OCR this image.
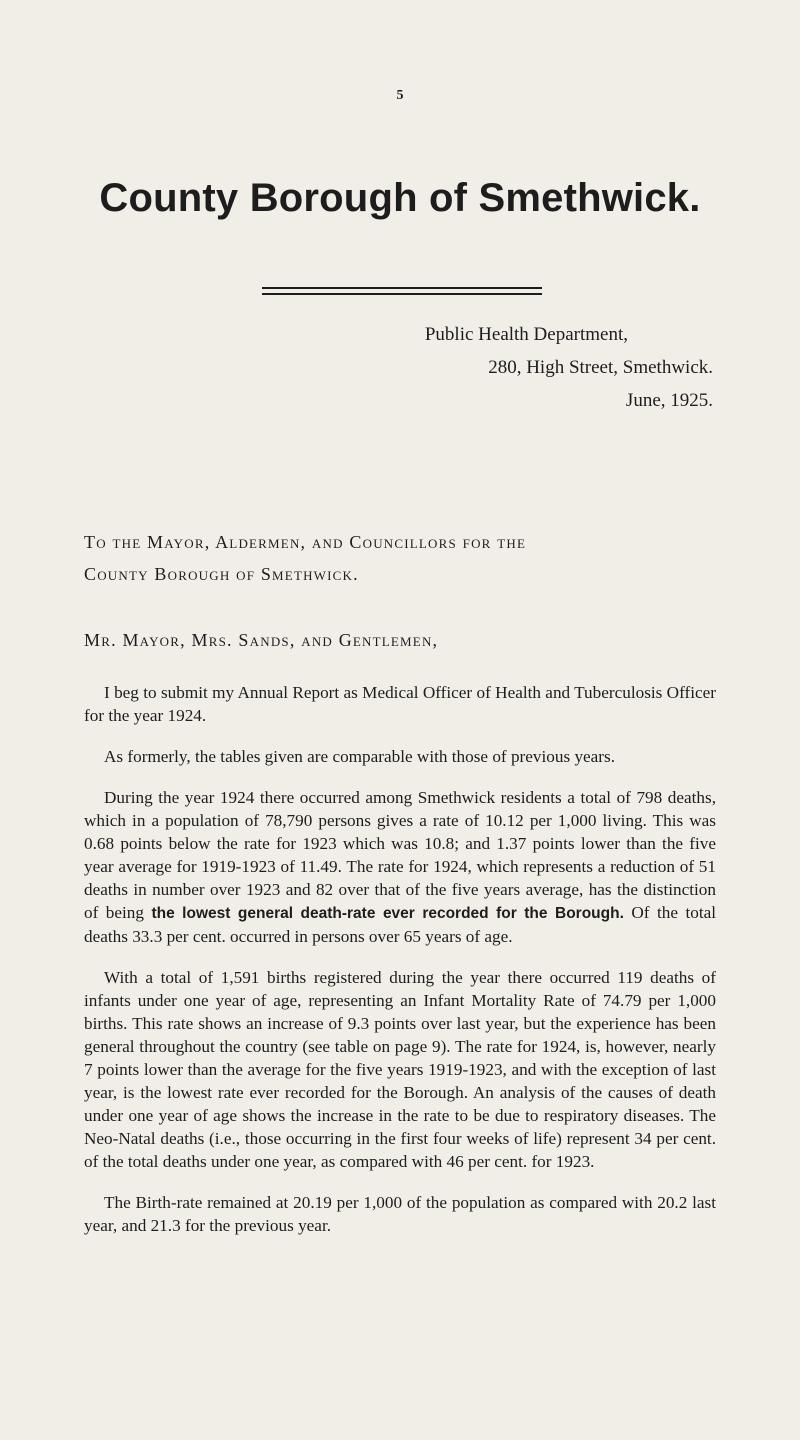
5
County Borough of Smethwick.
Public Health Department,
280, High Street, Smethwick.
June, 1925.
To the Mayor, Aldermen, and Councillors for the
County Borough of Smethwick.
Mr. Mayor, Mrs. Sands, and Gentlemen,

I beg to submit my Annual Report as Medical Officer of Health and Tuberculosis Officer for the year 1924.

As formerly, the tables given are comparable with those of previous years.

During the year 1924 there occurred among Smethwick residents a total of 798 deaths, which in a population of 78,790 persons gives a rate of 10.12 per 1,000 living. This was 0.68 points below the rate for 1923 which was 10.8; and 1.37 points lower than the five year average for 1919-1923 of 11.49. The rate for 1924, which represents a reduction of 51 deaths in number over 1923 and 82 over that of the five years average, has the distinction of being the lowest general death-rate ever recorded for the Borough. Of the total deaths 33.3 per cent. occurred in persons over 65 years of age.

With a total of 1,591 births registered during the year there occurred 119 deaths of infants under one year of age, representing an Infant Mortality Rate of 74.79 per 1,000 births. This rate shows an increase of 9.3 points over last year, but the experience has been general throughout the country (see table on page 9). The rate for 1924, is, however, nearly 7 points lower than the average for the five years 1919-1923, and with the exception of last year, is the lowest rate ever recorded for the Borough. An analysis of the causes of death under one year of age shows the increase in the rate to be due to respiratory diseases. The Neo-Natal deaths (i.e., those occurring in the first four weeks of life) represent 34 per cent. of the total deaths under one year, as compared with 46 per cent. for 1923.

The Birth-rate remained at 20.19 per 1,000 of the population as compared with 20.2 last year, and 21.3 for the previous year.
